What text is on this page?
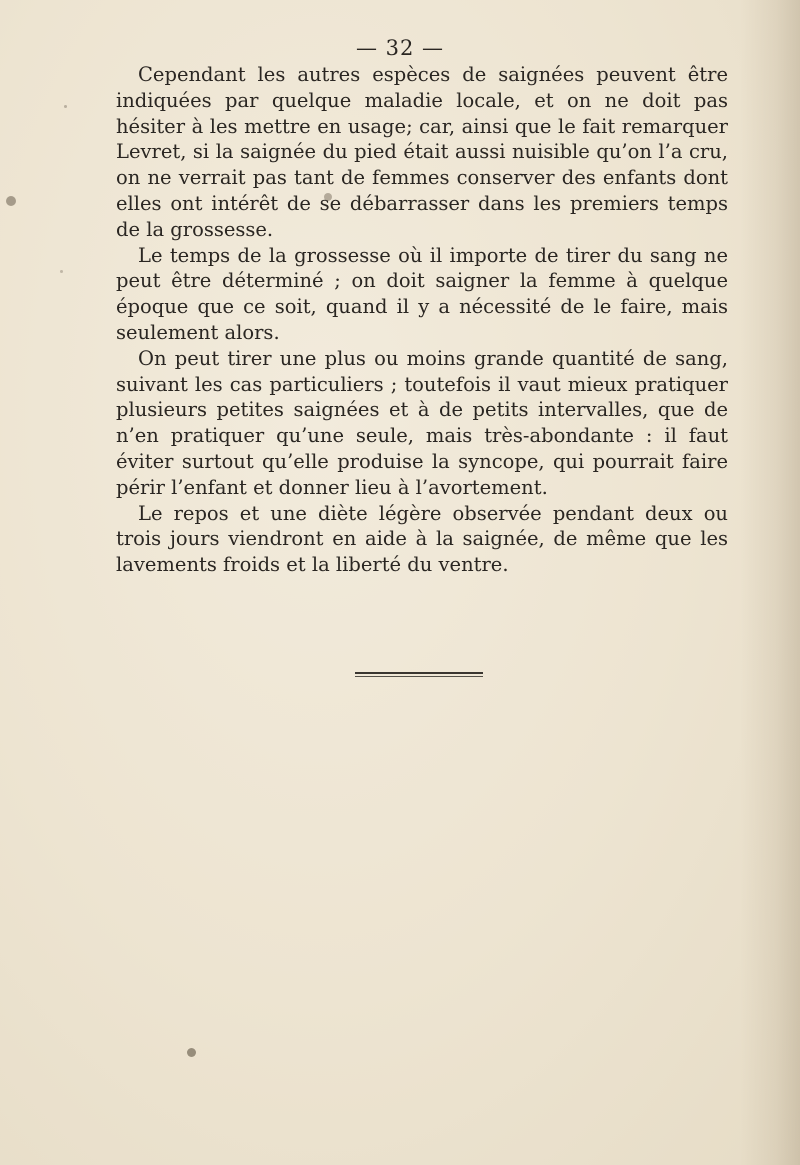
— 32 —

Cependant les autres espèces de saignées peuvent être indiquées par quelque maladie locale, et on ne doit pas hésiter à les mettre en usage; car, ainsi que le fait remarquer Levret, si la saignée du pied était aussi nuisible qu’on l’a cru, on ne verrait pas tant de femmes conserver des enfants dont elles ont intérêt de se débarrasser dans les premiers temps de la grossesse.

Le temps de la grossesse où il importe de tirer du sang ne peut être déterminé ; on doit saigner la femme à quelque époque que ce soit, quand il y a nécessité de le faire, mais seulement alors.

On peut tirer une plus ou moins grande quantité de sang, suivant les cas particuliers ; toutefois il vaut mieux pratiquer plusieurs petites saignées et à de petits intervalles, que de n’en pratiquer qu’une seule, mais très-abondante : il faut éviter surtout qu’elle produise la syncope, qui pourrait faire périr l’enfant et donner lieu à l’avortement.

Le repos et une diète légère observée pendant deux ou trois jours viendront en aide à la saignée, de même que les lavements froids et la liberté du ventre.
